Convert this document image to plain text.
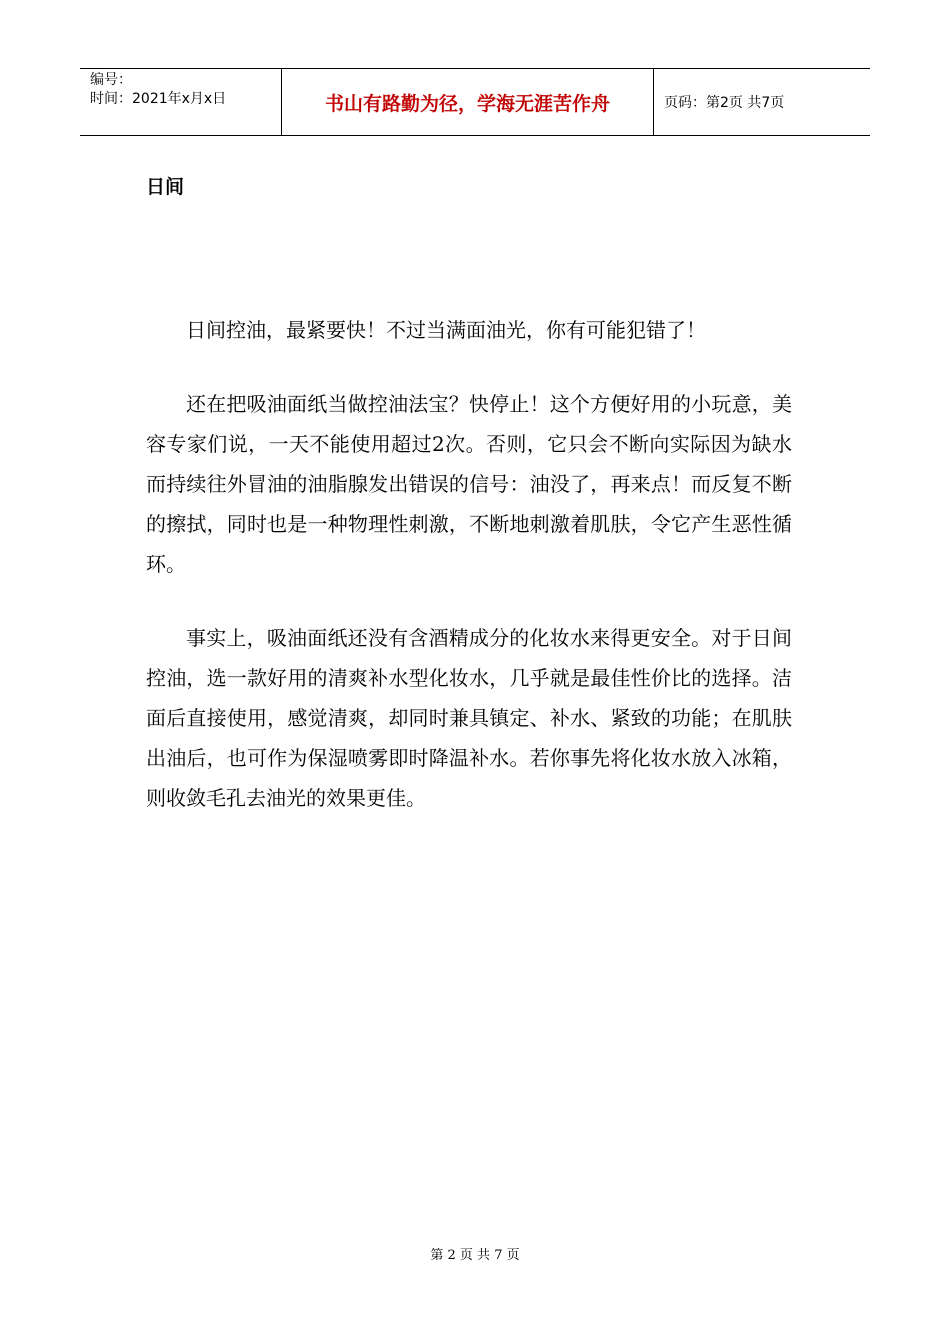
编号：
时间：2021年x月x日	书山有路勤为径，学海无涯苦作舟	页码：第2页 共7页
日间

日间控油，最紧要快！不过当满面油光，你有可能犯错了！

还在把吸油面纸当做控油法宝？快停止！这个方便好用的小玩意，美容专家们说，一天不能使用超过2次。否则，它只会不断向实际因为缺水而持续往外冒油的油脂腺发出错误的信号：油没了，再来点！而反复不断的擦拭，同时也是一种物理性刺激，不断地刺激着肌肤，令它产生恶性循环。

事实上，吸油面纸还没有含酒精成分的化妆水来得更安全。对于日间控油，选一款好用的清爽补水型化妆水，几乎就是最佳性价比的选择。洁面后直接使用，感觉清爽，却同时兼具镇定、补水、紧致的功能；在肌肤出油后，也可作为保湿喷雾即时降温补水。若你事先将化妆水放入冰箱，则收敛毛孔去油光的效果更佳。

第 2 页 共 7 页
